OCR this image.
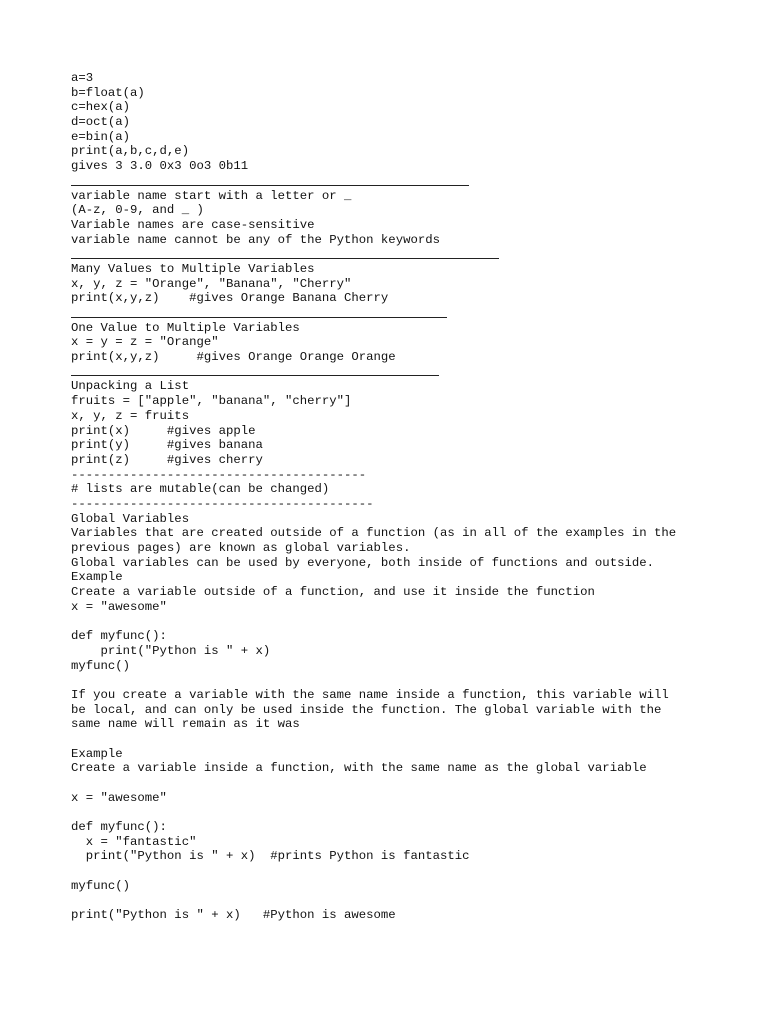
a=3
b=float(a)
c=hex(a)
d=oct(a)
e=bin(a)
print(a,b,c,d,e)
gives 3 3.0 0x3 0o3 0b11
variable name start with a letter or _
(A-z, 0-9, and _ )
Variable names are case-sensitive
variable name cannot be any of the Python keywords
Many Values to Multiple Variables
x, y, z = "Orange", "Banana", "Cherry"
print(x,y,z)    #gives Orange Banana Cherry
One Value to Multiple Variables
x = y = z = "Orange"
print(x,y,z)     #gives Orange Orange Orange
Unpacking a List
fruits = ["apple", "banana", "cherry"]
x, y, z = fruits
print(x)     #gives apple
print(y)     #gives banana
print(z)     #gives cherry
----------------------------------------
# lists are mutable(can be changed)
-----------------------------------------
Global Variables
Variables that are created outside of a function (as in all of the examples in the
previous pages) are known as global variables.
Global variables can be used by everyone, both inside of functions and outside.
Example
Create a variable outside of a function, and use it inside the function
x = "awesome"
def myfunc():
print("Python is " + x)
myfunc()
If you create a variable with the same name inside a function, this variable will
be local, and can only be used inside the function. The global variable with the
same name will remain as it was
Example
Create a variable inside a function, with the same name as the global variable
x = "awesome"
def myfunc():
x = "fantastic"
print("Python is " + x)  #prints Python is fantastic
myfunc()
print("Python is " + x)   #Python is awesome
